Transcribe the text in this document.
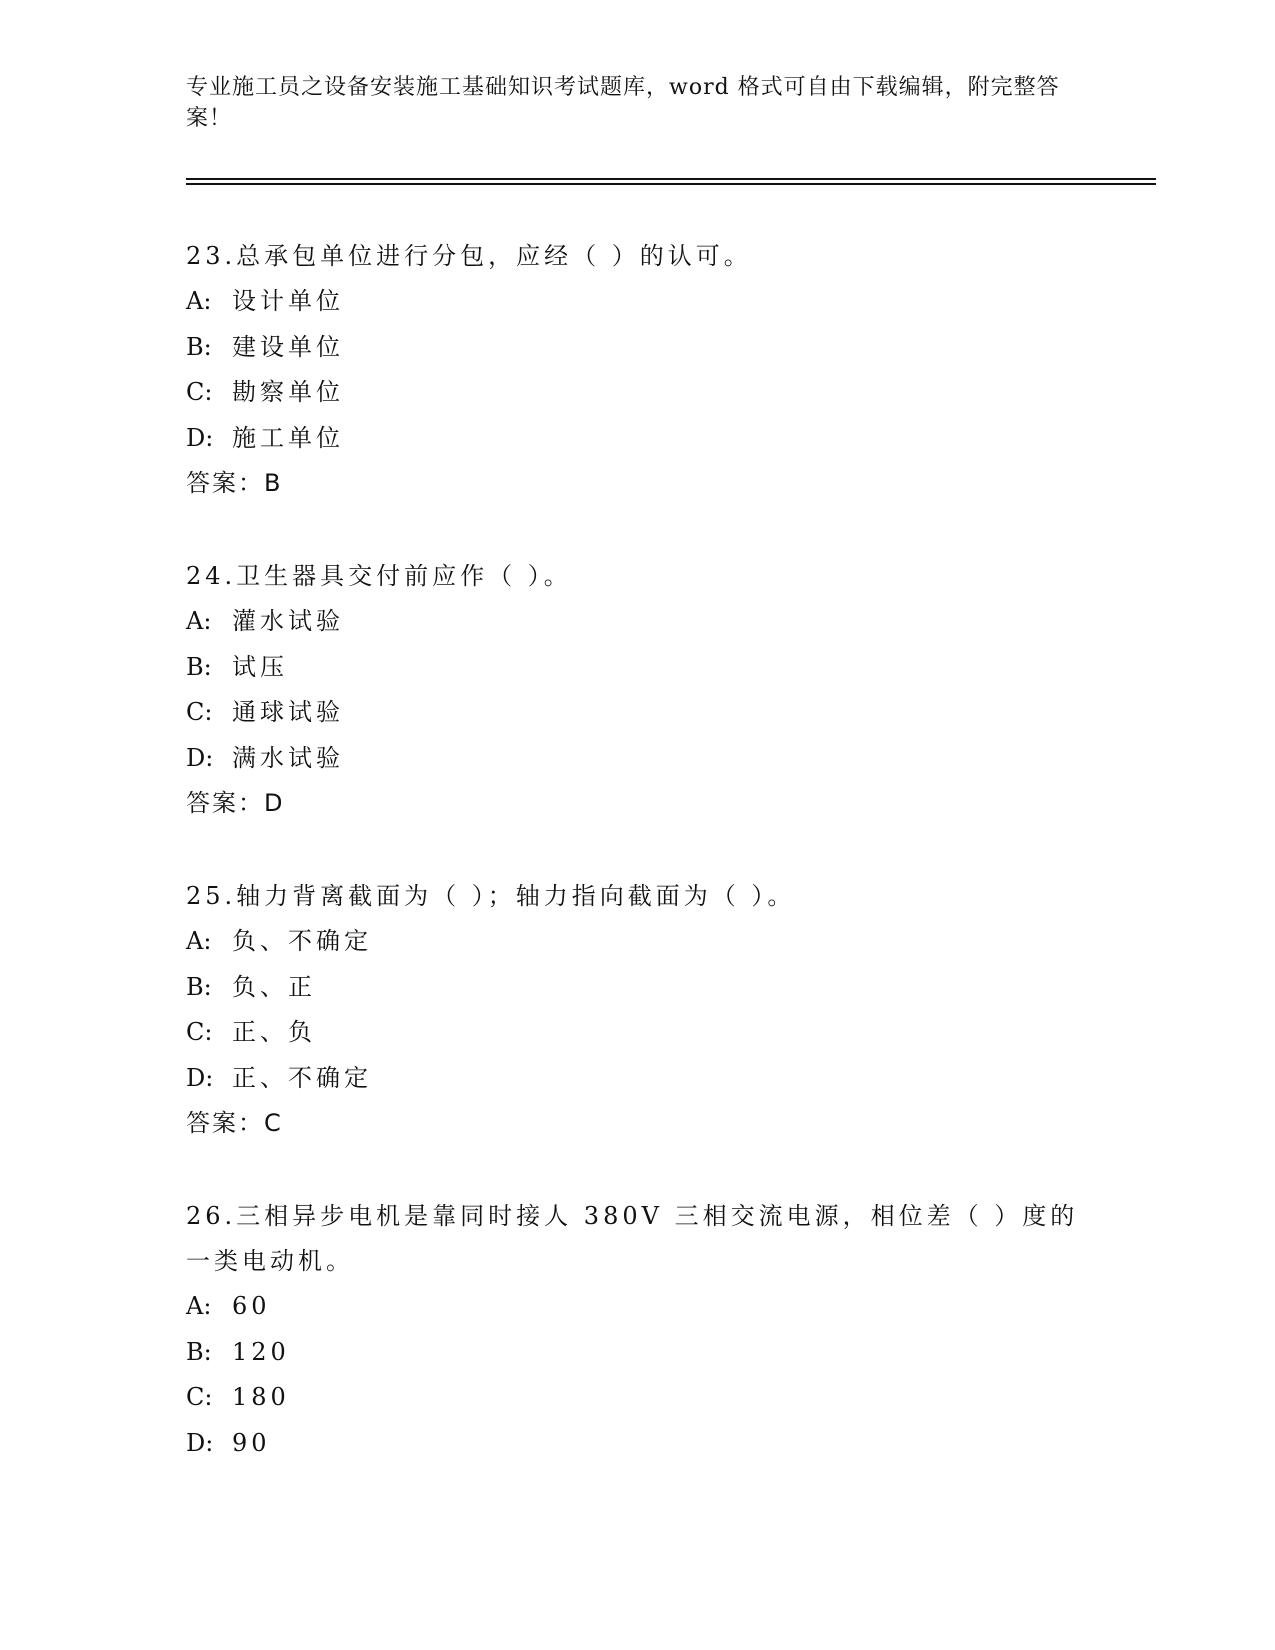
专业施工员之设备安装施工基础知识考试题库，word 格式可自由下载编辑，附完整答案！

23.总承包单位进行分包，应经（ ）的认可。

A: 设计单位

B: 建设单位

C: 勘察单位

D: 施工单位

答案：B

24.卫生器具交付前应作（ ）。

A: 灌水试验

B: 试压

C: 通球试验

D: 满水试验

答案：D

25.轴力背离截面为（ ）；轴力指向截面为（ ）。

A: 负、不确定

B: 负、正

C: 正、负

D: 正、不确定

答案：C

26.三相异步电机是靠同时接人 380V 三相交流电源，相位差（ ）度的一类电动机。

A: 60

B: 120

C: 180

D: 90
